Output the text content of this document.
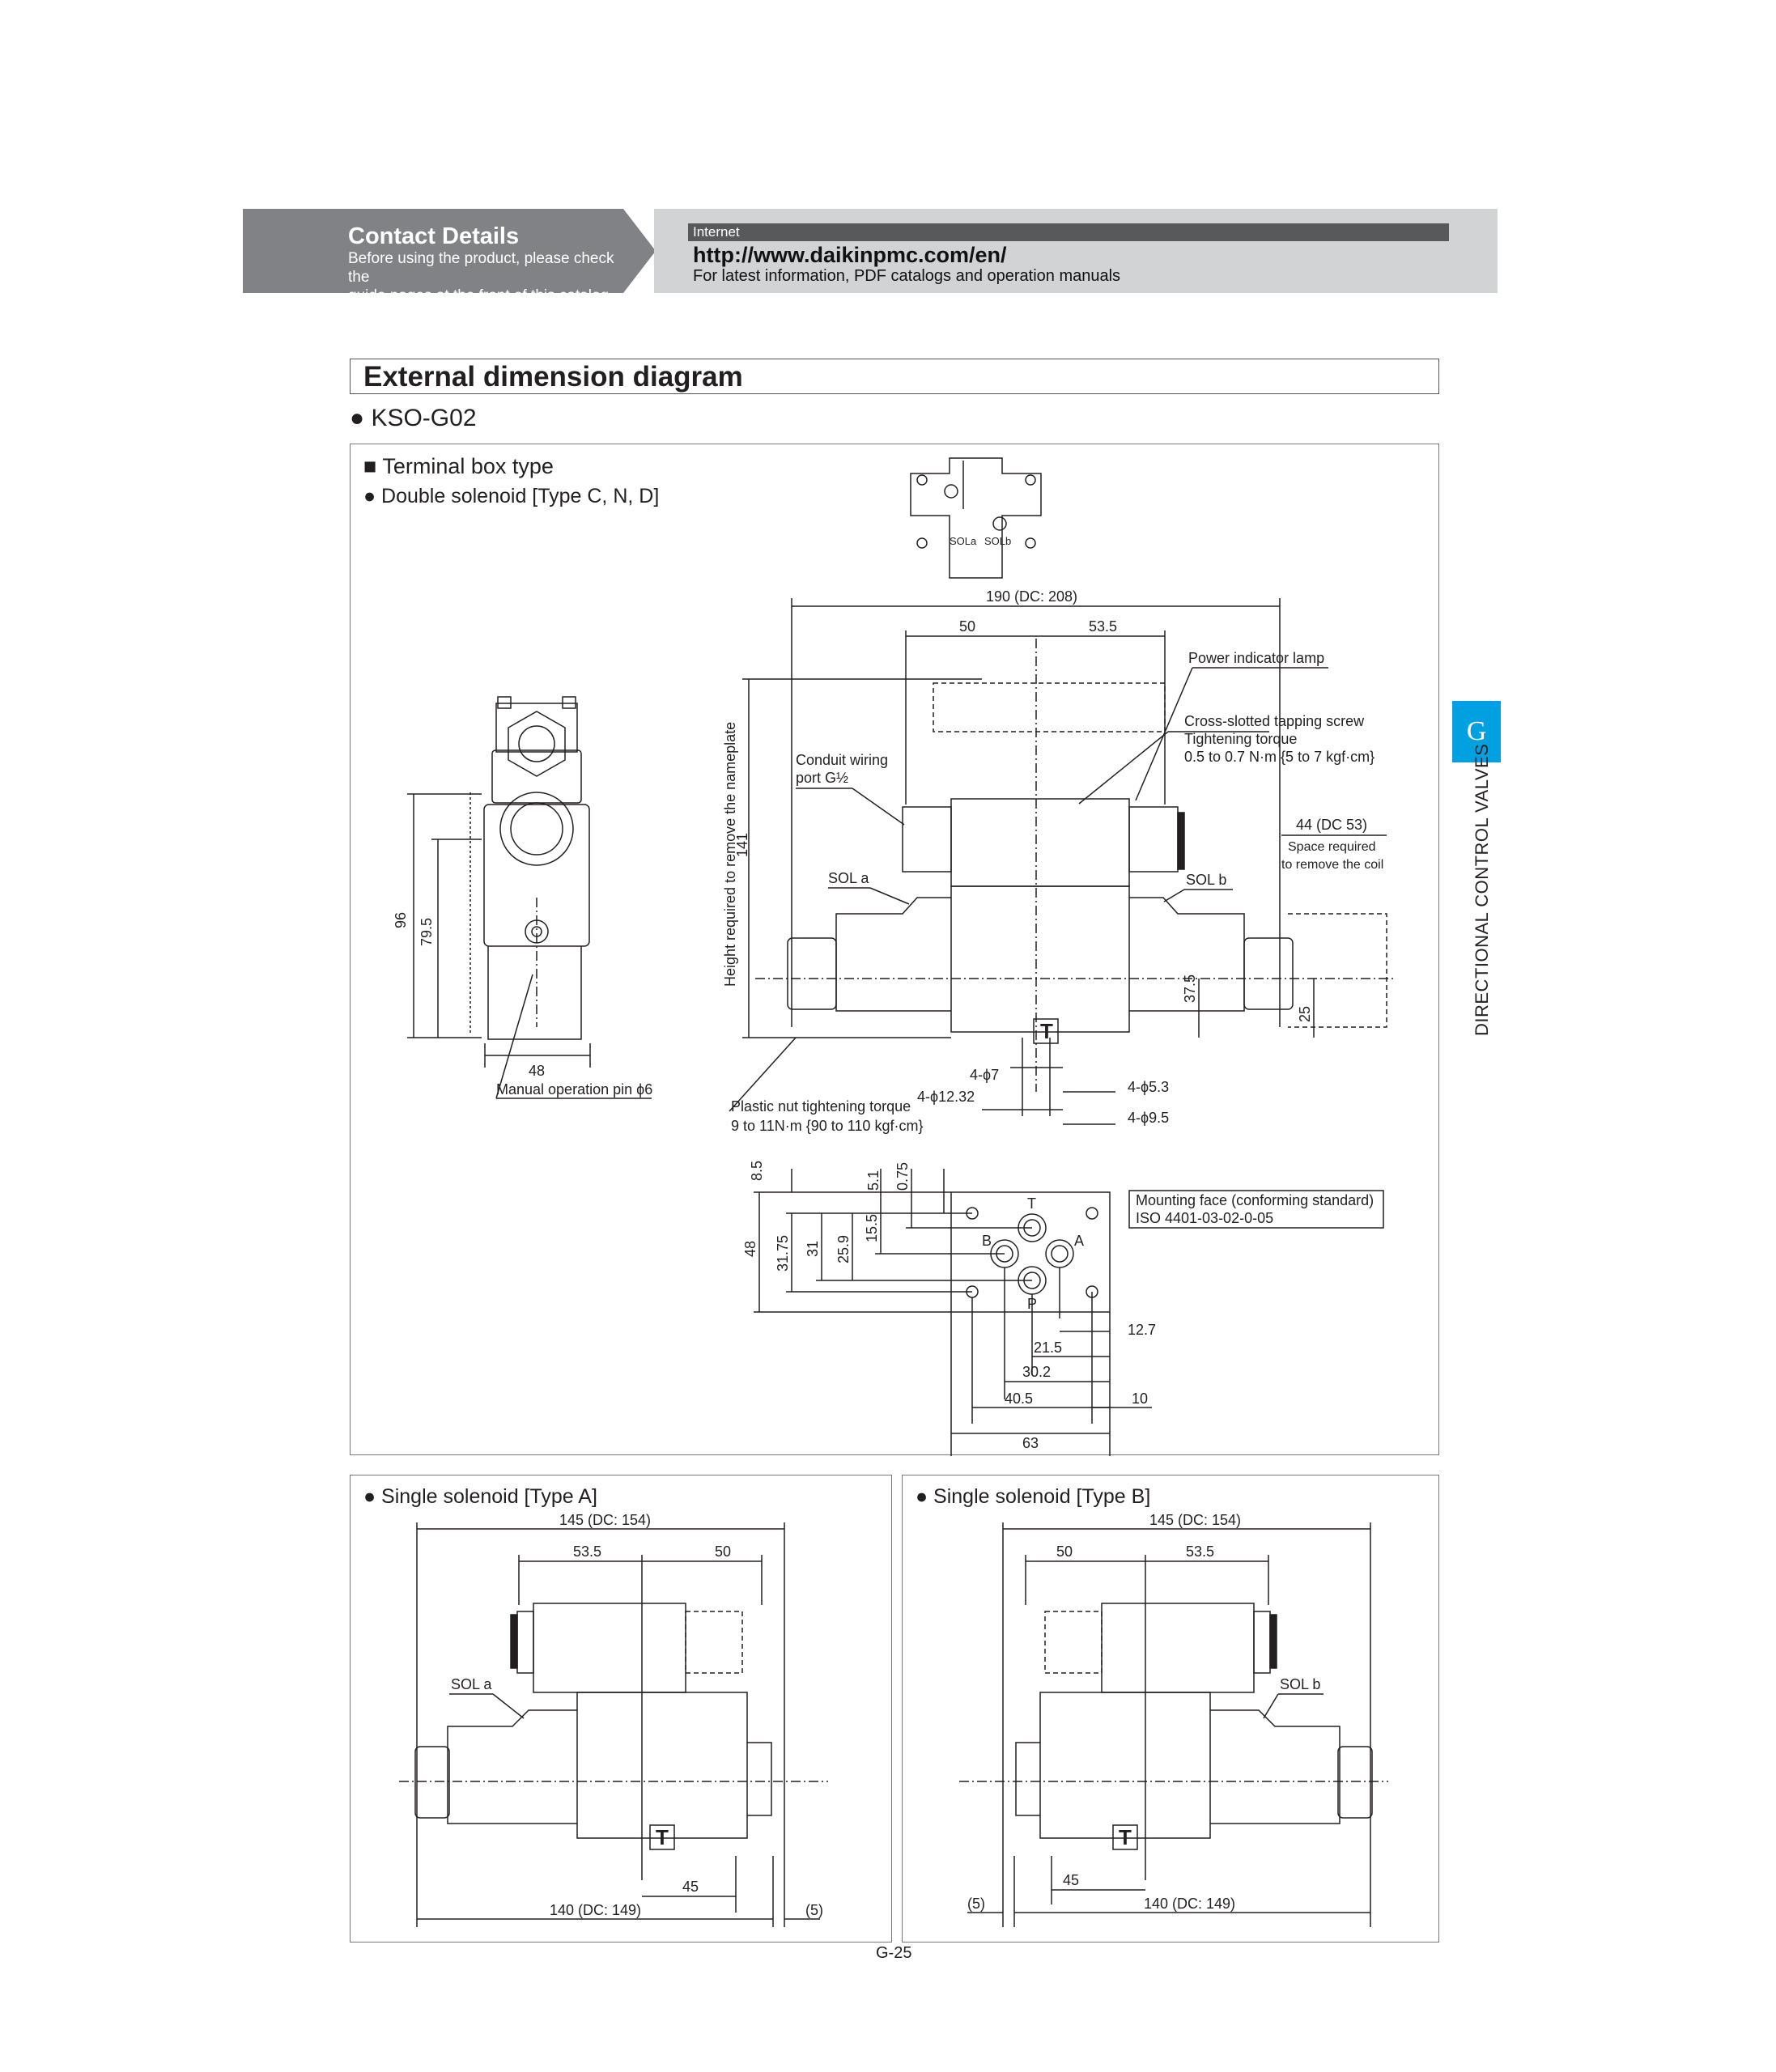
Contact Details
Before using the product, please check the
guide pages at the front of this catalog.
Internet
http://www.daikinpmc.com/en/
For latest information, PDF catalogs and operation manuals
External dimension diagram
● KSO-G02
G
DIRECTIONAL CONTROL VALVES
■ Terminal box type
● Double solenoid [Type C, N, D]
SOLa SOLb
96 79.5
48
Manual operation pin ϕ6
T
190 (DC: 208)
50	53.5
Height required to remove the nameplate
141
Power indicator lamp
Cross-slotted tapping screw
Tightening torque
0.5 to 0.7 N·m {5 to 7 kgf·cm}
Conduit wiring
port G½
SOL a	SOL b
44 (DC 53)
Space required
to remove the coil
37.5
25
4-ϕ7
4-ϕ5.3
4-ϕ12.32
4-ϕ9.5
Plastic nut tightening torque
9 to 11N·m {90 to 110 kgf·cm}
T
B	A
P
Mounting face (conforming standard)
ISO 4401-03-02-0-05
48 31.75 31 25.9
15.5
8.5	5.1 0.75
12.7
21.5
30.2
40.5	10
63
● Single solenoid [Type A]
145 (DC: 154)
53.5	50
T
SOL a
45
140 (DC: 149)	(5)
● Single solenoid [Type B]
145 (DC: 154)
50	53.5
T
SOL b
45
140 (DC: 149)
(5)
G-25
